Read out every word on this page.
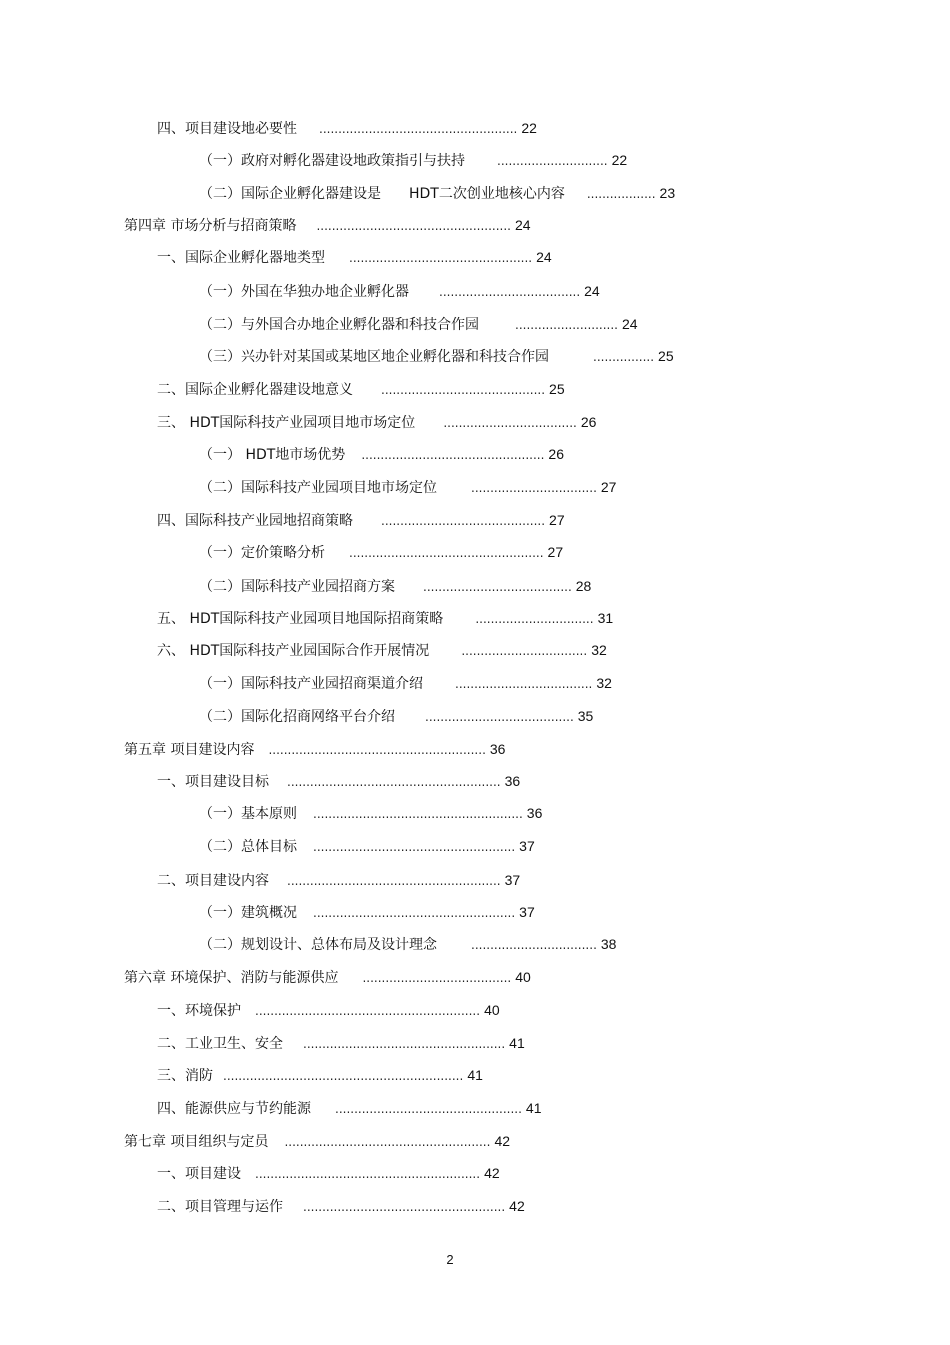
四、项目建设地必要性 .................................................... 22
（一）政府对孵化器建设地政策指引与扶持	............................. 22
（二）国际企业孵化器建设是 HDT二次创业地核心内容 .................. 23
第四章 市场分析与招商策略 ................................................... 24
一、国际企业孵化器地类型 ................................................ 24
（一）外国在华独办地企业孵化器	..................................... 24
（二）与外国合办地企业孵化器和科技合作园	........................... 24
（三）兴办针对某国或某地区地企业孵化器和科技合作园	................ 25
二、国际企业孵化器建设地意义 ........................................... 25
三、 HDT国际科技产业园项目地市场定位 ................................... 26
（一） HDT地市场优势 ................................................ 26
（二）国际科技产业园项目地市场定位	................................. 27
四、国际科技产业园地招商策略 ........................................... 27
（一）定价策略分析 ................................................... 27
（二）国际科技产业园招商方案 ....................................... 28
五、 HDT国际科技产业园项目地国际招商策略	............................... 31
六、 HDT国际科技产业园国际合作开展情况	................................. 32
（一）国际科技产业园招商渠道介绍	.................................... 32
（二）国际化招商网络平台介绍	....................................... 35
第五章 项目建设内容 ......................................................... 36
一、项目建设目标 ........................................................ 36
（一）基本原则 ....................................................... 36
（二）总体目标 ..................................................... 37
二、项目建设内容 ........................................................ 37
（一）建筑概况 ..................................................... 37
（二）规划设计、总体布局及设计理念	................................. 38
第六章 环境保护、消防与能源供应 ....................................... 40
一、环境保护 ........................................................... 40
二、工业卫生、安全 ..................................................... 41
三、消防 ............................................................... 41
四、能源供应与节约能源 ................................................. 41
第七章 项目组织与定员 ...................................................... 42
一、项目建设 ........................................................... 42
二、项目管理与运作 ..................................................... 42
2
